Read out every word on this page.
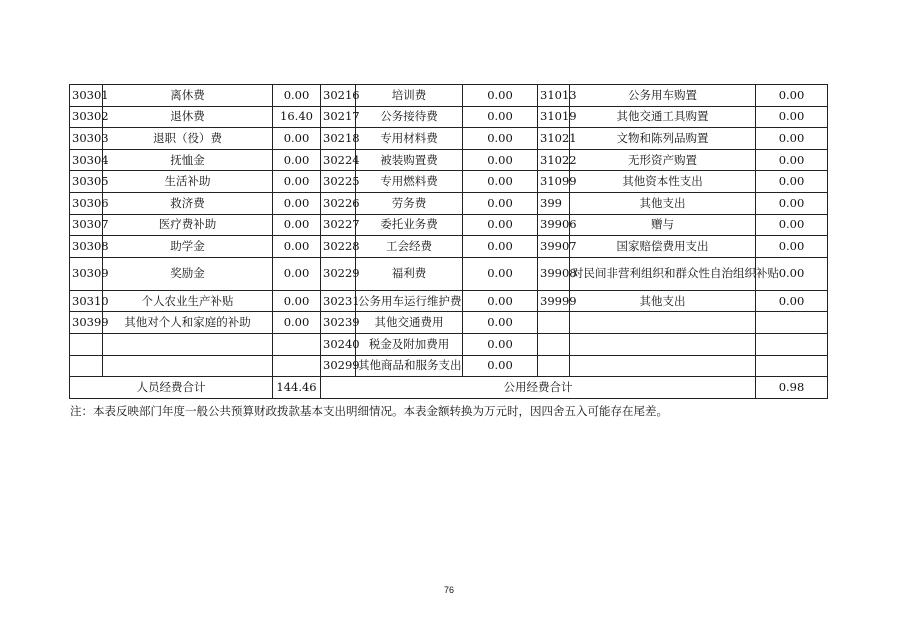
30301	离休费	0.00	30216	培训费	0.00	31013	公务用车购置	0.00
30302	退休费	16.40	30217	公务接待费	0.00	31019	其他交通工具购置	0.00
30303	退职（役）费	0.00	30218	专用材料费	0.00	31021	文物和陈列品购置	0.00
30304	抚恤金	0.00	30224	被装购置费	0.00	31022	无形资产购置	0.00
30305	生活补助	0.00	30225	专用燃料费	0.00	31099	其他资本性支出	0.00
30306	救济费	0.00	30226	劳务费	0.00	399	其他支出	0.00
30307	医疗费补助	0.00	30227	委托业务费	0.00	39906	赠与	0.00
30308	助学金	0.00	30228	工会经费	0.00	39907	国家赔偿费用支出	0.00
30309	奖励金	0.00	30229	福利费	0.00	39908	对民间非营利组织和群众性自治组织补贴	0.00
30310	个人农业生产补贴	0.00	30231	公务用车运行维护费	0.00	39999	其他支出	0.00
30399	其他对个人和家庭的补助	0.00	30239	其他交通费用	0.00			
			30240	税金及附加费用	0.00			
			30299	其他商品和服务支出	0.00			
人员经费合计		144.46	公用经费合计					0.98
注：本表反映部门年度一般公共预算财政拨款基本支出明细情况。本表金额转换为万元时，因四舍五入可能存在尾差。
76
